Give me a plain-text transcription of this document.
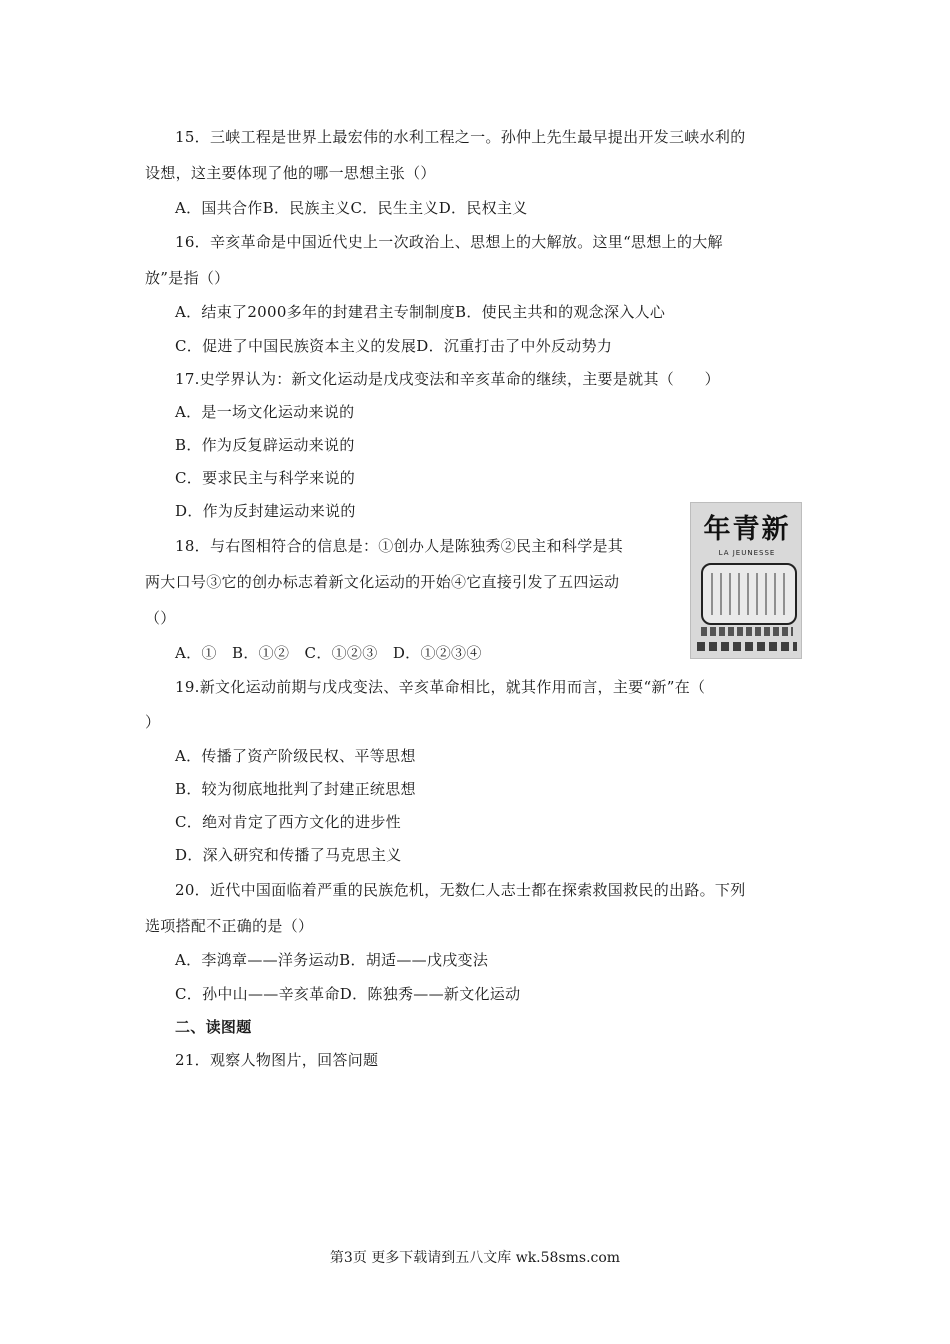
15．三峡工程是世界上最宏伟的水利工程之一。孙仲上先生最早提出开发三峡水利的
设想，这主要体现了他的哪一思想主张（）
A．国共合作B．民族主义C．民生主义D．民权主义
16．辛亥革命是中国近代史上一次政治上、思想上的大解放。这里“思想上的大解
放”是指（）
A．结束了2000多年的封建君主专制制度B．使民主共和的观念深入人心
C．促进了中国民族资本主义的发展D．沉重打击了中外反动势力
17.史学界认为：新文化运动是戊戌变法和辛亥革命的继续，主要是就其（　　）
A．是一场文化运动来说的
B．作为反复辟运动来说的
C．要求民主与科学来说的
D．作为反封建运动来说的
18．与右图相符合的信息是：①创办人是陈独秀②民主和科学是其
两大口号③它的创办标志着新文化运动的开始④它直接引发了五四运动
（）
A．①　B．①②　C．①②③　D．①②③④
年青新
LA JEUNESSE
19.新文化运动前期与戊戌变法、辛亥革命相比，就其作用而言，主要“新”在（
）
A．传播了资产阶级民权、平等思想
B．较为彻底地批判了封建正统思想
C．绝对肯定了西方文化的进步性
D．深入研究和传播了马克思主义
20．近代中国面临着严重的民族危机，无数仁人志士都在探索救国救民的出路。下列
选项搭配不正确的是（）
A．李鸿章——洋务运动B．胡适——戊戌变法
C．孙中山——辛亥革命D．陈独秀——新文化运动
二、读图题
21．观察人物图片，回答问题
第3页 更多下载请到五八文库 wk.58sms.com
